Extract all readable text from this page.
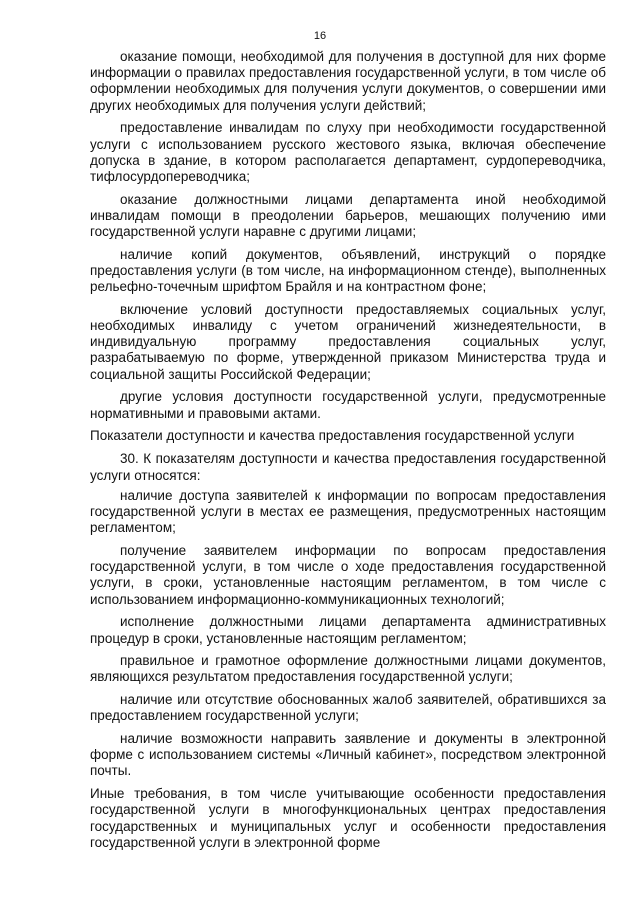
16

оказание помощи, необходимой для получения в доступной для них форме информации о правилах предоставления государственной услуги, в том числе об оформлении необходимых для получения услуги документов, о совершении ими других необходимых для получения услуги действий;

предоставление инвалидам по слуху при необходимости государственной услуги с использованием русского жестового языка, включая обеспечение допуска в здание, в котором располагается департамент, сурдопереводчика, тифлосурдопереводчика;

оказание должностными лицами департамента иной необходимой инвалидам помощи в преодолении барьеров, мешающих получению ими государственной услуги наравне с другими лицами;

наличие копий документов, объявлений, инструкций о порядке предоставления услуги (в том числе, на информационном стенде), выполненных рельефно-точечным шрифтом Брайля и на контрастном фоне;

включение условий доступности предоставляемых социальных услуг, необходимых инвалиду с учетом ограничений жизнедеятельности, в индивидуальную программу предоставления социальных услуг, разрабатываемую по форме, утвержденной приказом Министерства труда и социальной защиты Российской Федерации;

другие условия доступности государственной услуги, предусмотренные нормативными и правовыми актами.

Показатели доступности и качества предоставления государственной услуги

30. К показателям доступности и качества предоставления государственной услуги относятся:

наличие доступа заявителей к информации по вопросам предоставления государственной услуги в местах ее размещения, предусмотренных настоящим регламентом;

получение заявителем информации по вопросам предоставления государственной услуги, в том числе о ходе предоставления государственной услуги, в сроки, установленные настоящим регламентом, в том числе с использованием информационно-коммуникационных технологий;

исполнение должностными лицами департамента административных процедур в сроки, установленные настоящим регламентом;

правильное и грамотное оформление должностными лицами документов, являющихся результатом предоставления государственной услуги;

наличие или отсутствие обоснованных жалоб заявителей, обратившихся за предоставлением государственной услуги;

наличие возможности направить заявление и документы в электронной форме с использованием системы «Личный кабинет», посредством электронной почты.

Иные требования, в том числе учитывающие особенности предоставления государственной услуги в многофункциональных центрах предоставления государственных и муниципальных услуг и особенности предоставления государственной услуги в электронной форме
